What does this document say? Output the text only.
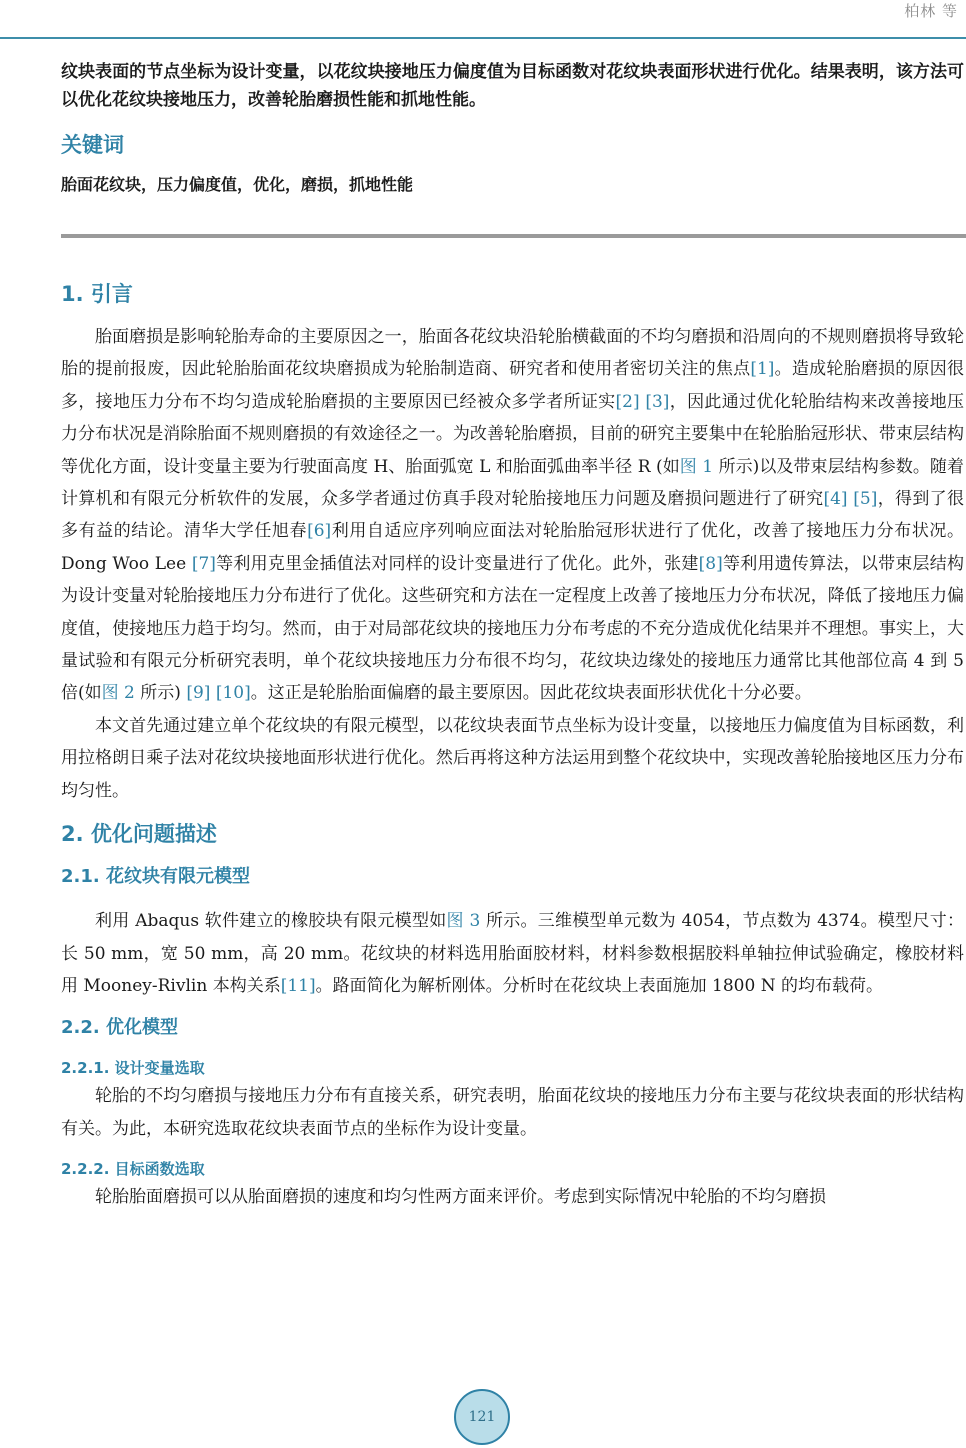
柏林 等

纹块表面的节点坐标为设计变量，以花纹块接地压力偏度值为目标函数对花纹块表面形状进行优化。结果表明，该方法可以优化花纹块接地压力，改善轮胎磨损性能和抓地性能。

关键词
胎面花纹块，压力偏度值，优化，磨损，抓地性能
1. 引言

胎面磨损是影响轮胎寿命的主要原因之一，胎面各花纹块沿轮胎横截面的不均匀磨损和沿周向的不规则磨损将导致轮胎的提前报废，因此轮胎胎面花纹块磨损成为轮胎制造商、研究者和使用者密切关注的焦点[1]。造成轮胎磨损的原因很多，接地压力分布不均匀造成轮胎磨损的主要原因已经被众多学者所证实[2] [3]，因此通过优化轮胎结构来改善接地压力分布状况是消除胎面不规则磨损的有效途径之一。为改善轮胎磨损，目前的研究主要集中在轮胎胎冠形状、带束层结构等优化方面，设计变量主要为行驶面高度 H、胎面弧宽 L 和胎面弧曲率半径 R (如图 1 所示)以及带束层结构参数。随着计算机和有限元分析软件的发展，众多学者通过仿真手段对轮胎接地压力问题及磨损问题进行了研究[4] [5]，得到了很多有益的结论。清华大学任旭春[6]利用自适应序列响应面法对轮胎胎冠形状进行了优化，改善了接地压力分布状况。Dong Woo Lee [7]等利用克里金插值法对同样的设计变量进行了优化。此外，张建[8]等利用遗传算法，以带束层结构为设计变量对轮胎接地压力分布进行了优化。这些研究和方法在一定程度上改善了接地压力分布状况，降低了接地压力偏度值，使接地压力趋于均匀。然而，由于对局部花纹块的接地压力分布考虑的不充分造成优化结果并不理想。事实上，大量试验和有限元分析研究表明，单个花纹块接地压力分布很不均匀，花纹块边缘处的接地压力通常比其他部位高 4 到 5 倍(如图 2 所示) [9] [10]。这正是轮胎胎面偏磨的最主要原因。因此花纹块表面形状优化十分必要。

本文首先通过建立单个花纹块的有限元模型，以花纹块表面节点坐标为设计变量，以接地压力偏度值为目标函数，利用拉格朗日乘子法对花纹块接地面形状进行优化。然后再将这种方法运用到整个花纹块中，实现改善轮胎接地区压力分布均匀性。

2. 优化问题描述
2.1. 花纹块有限元模型

利用 Abaqus 软件建立的橡胶块有限元模型如图 3 所示。三维模型单元数为 4054，节点数为 4374。模型尺寸：长 50 mm，宽 50 mm，高 20 mm。花纹块的材料选用胎面胶材料，材料参数根据胶料单轴拉伸试验确定，橡胶材料用 Mooney-Rivlin 本构关系[11]。路面简化为解析刚体。分析时在花纹块上表面施加 1800 N 的均布载荷。

2.2. 优化模型
2.2.1. 设计变量选取

轮胎的不均匀磨损与接地压力分布有直接关系，研究表明，胎面花纹块的接地压力分布主要与花纹块表面的形状结构有关。为此，本研究选取花纹块表面节点的坐标作为设计变量。

2.2.2. 目标函数选取

轮胎胎面磨损可以从胎面磨损的速度和均匀性两方面来评价。考虑到实际情况中轮胎的不均匀磨损

121
